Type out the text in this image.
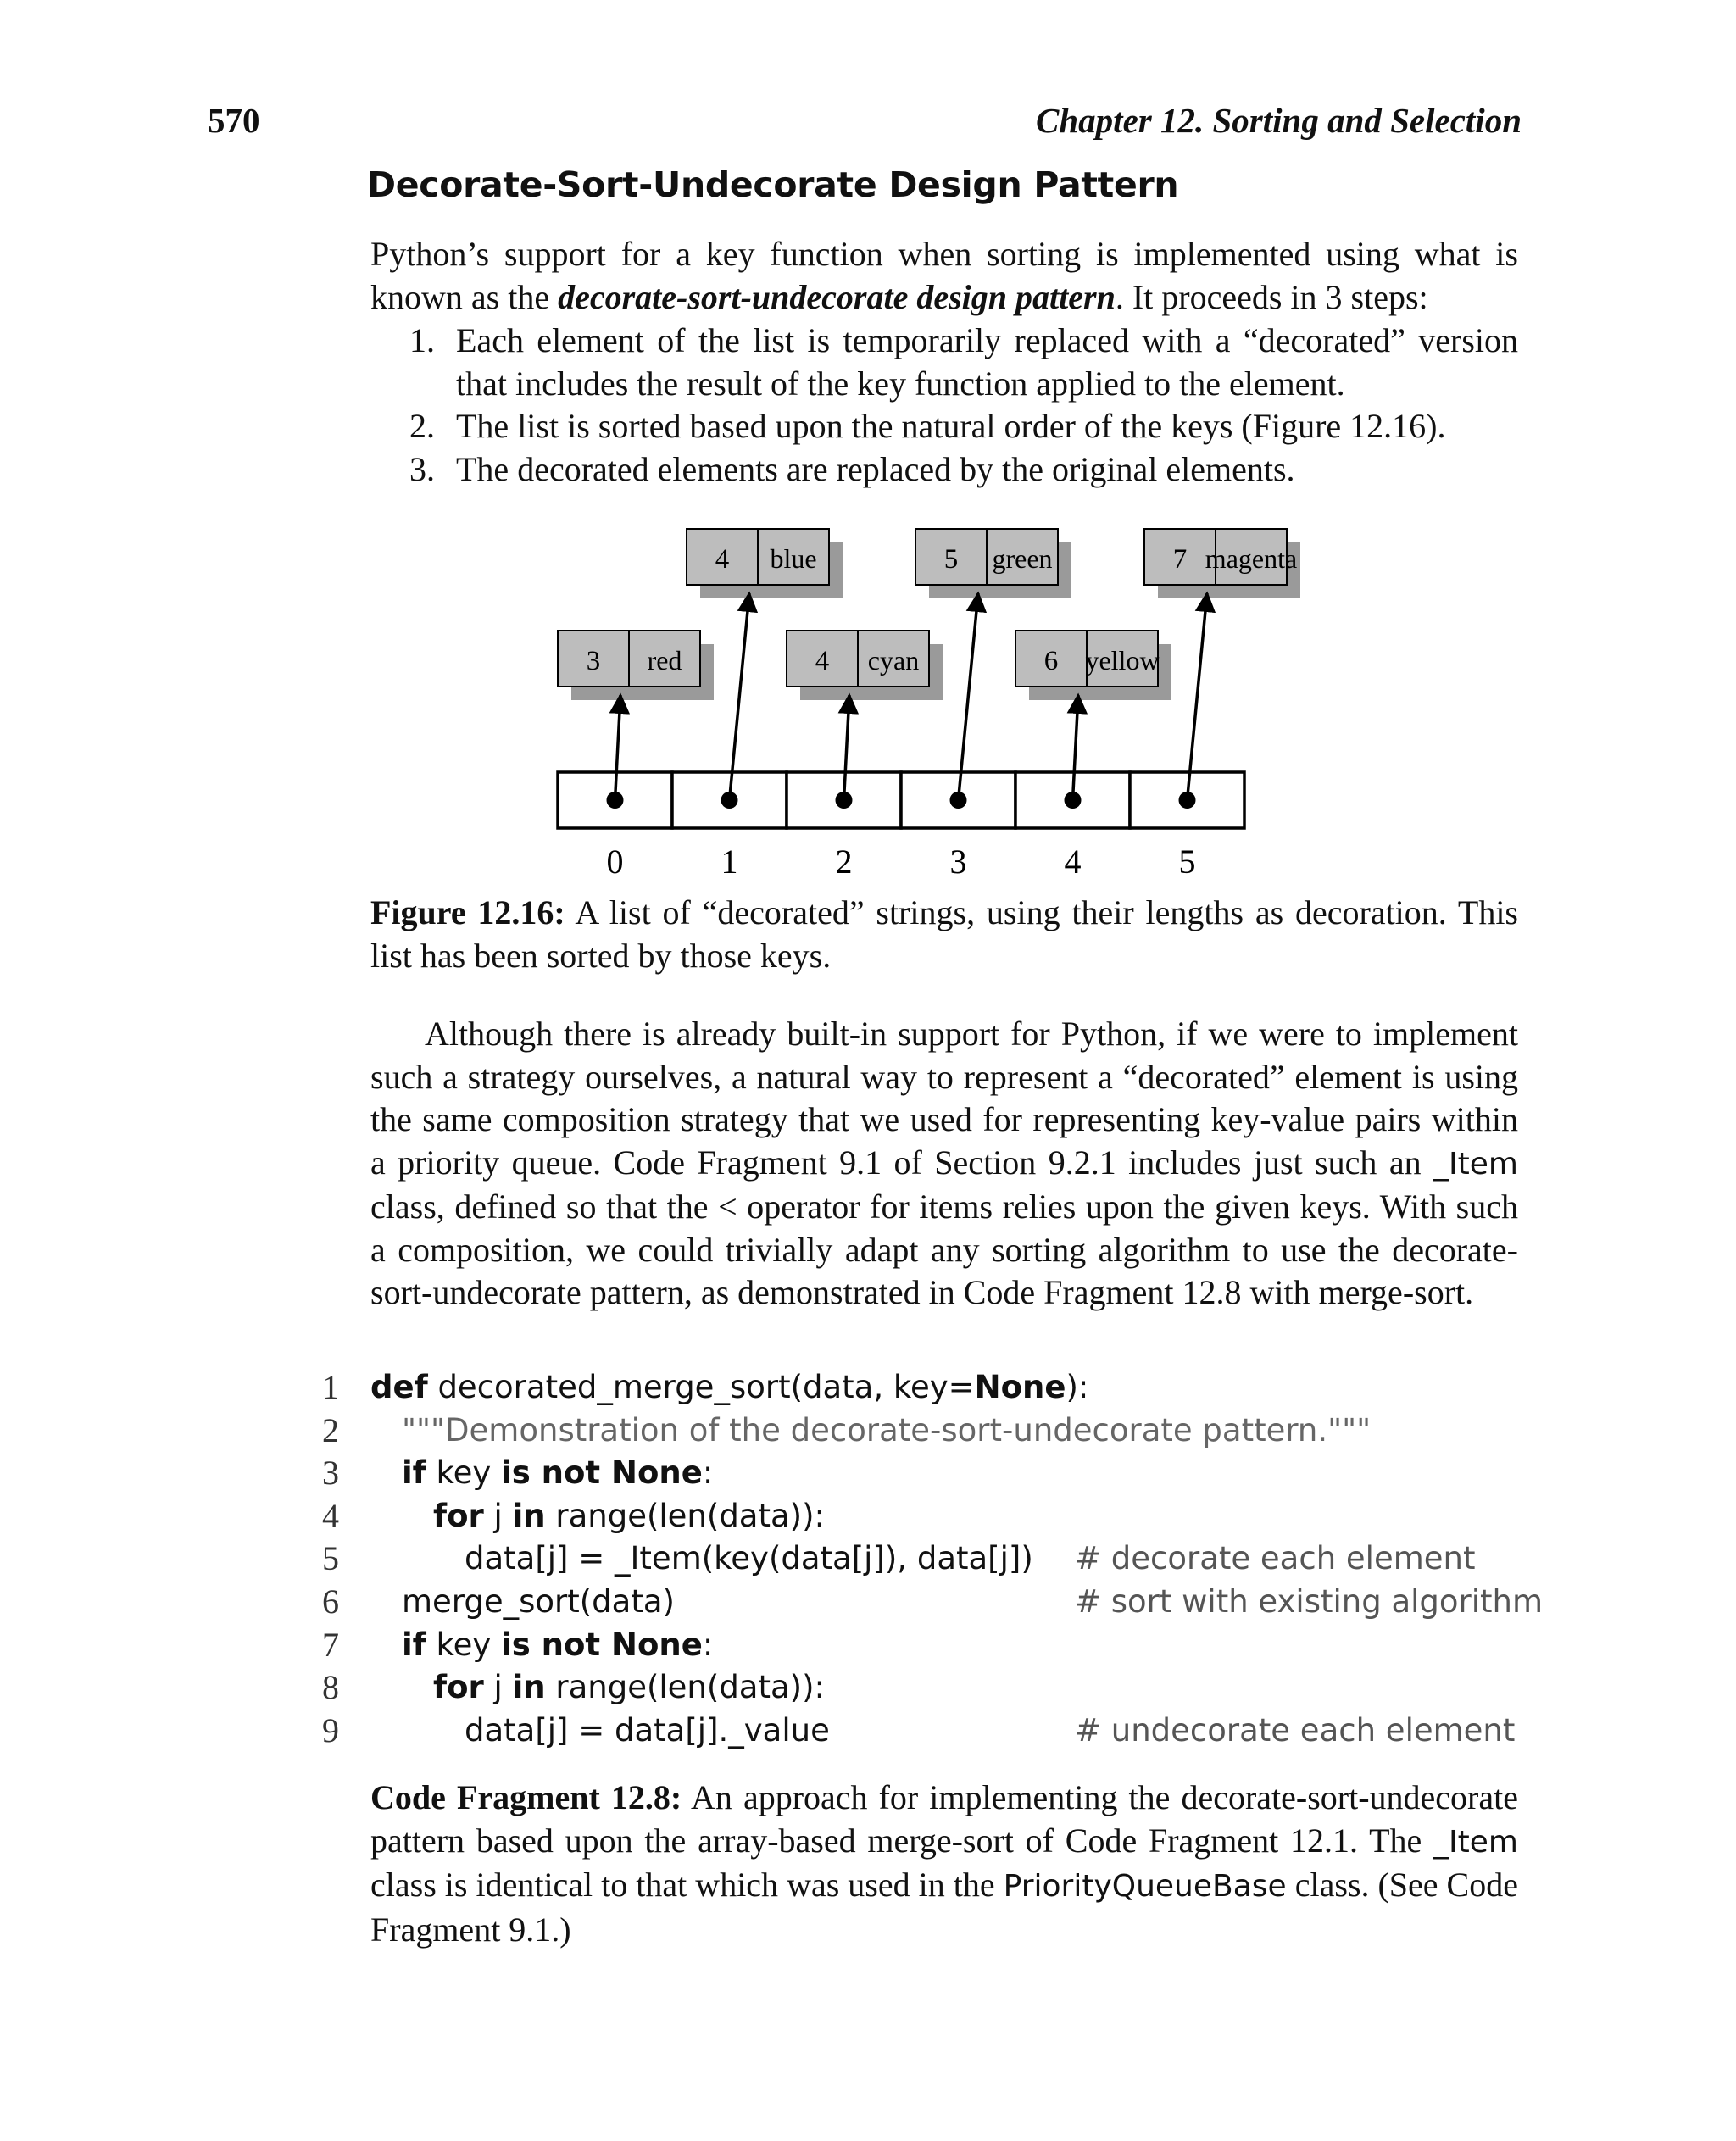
570	Chapter 12. Sorting and Selection
Decorate-Sort-Undecorate Design Pattern

Python’s support for a key function when sorting is implemented using what is known as the decorate-sort-undecorate design pattern. It proceeds in 3 steps:

1. Each element of the list is temporarily replaced with a “decorated” version that includes the result of the key function applied to the element.
2. The list is sorted based upon the natural order of the keys (Figure 12.16).
3. The decorated elements are replaced by the original elements.
3 red
4 blue
4 cyan
5 green
6 yellow
7 magenta
0	1	2	3	4	5

Figure 12.16: A list of “decorated” strings, using their lengths as decoration. This list has been sorted by those keys.

Although there is already built-in support for Python, if we were to implement such a strategy ourselves, a natural way to represent a “decorated” element is using the same composition strategy that we used for representing key-value pairs within a priority queue. Code Fragment 9.1 of Section 9.2.1 includes just such an _Item class, defined so that the < operator for items relies upon the given keys. With such a composition, we could trivially adapt any sorting algorithm to use the decorate-sort-undecorate pattern, as demonstrated in Code Fragment 12.8 with merge-sort.

1 def decorated_merge_sort(data, key=None):
2 """Demonstration of the decorate-sort-undecorate pattern."""
3 if key is not None:
4	for j in range(len(data)):
5	data[j] = _Item(key(data[j]), data[j]) # decorate each element
6 merge_sort(data)	# sort with existing algorithm
7 if key is not None:
8	for j in range(len(data)):
9	data[j] = data[j]._value	# undecorate each element

Code Fragment 12.8: An approach for implementing the decorate-sort-undecorate pattern based upon the array-based merge-sort of Code Fragment 12.1. The _Item class is identical to that which was used in the PriorityQueueBase class. (See Code Fragment 9.1.)
